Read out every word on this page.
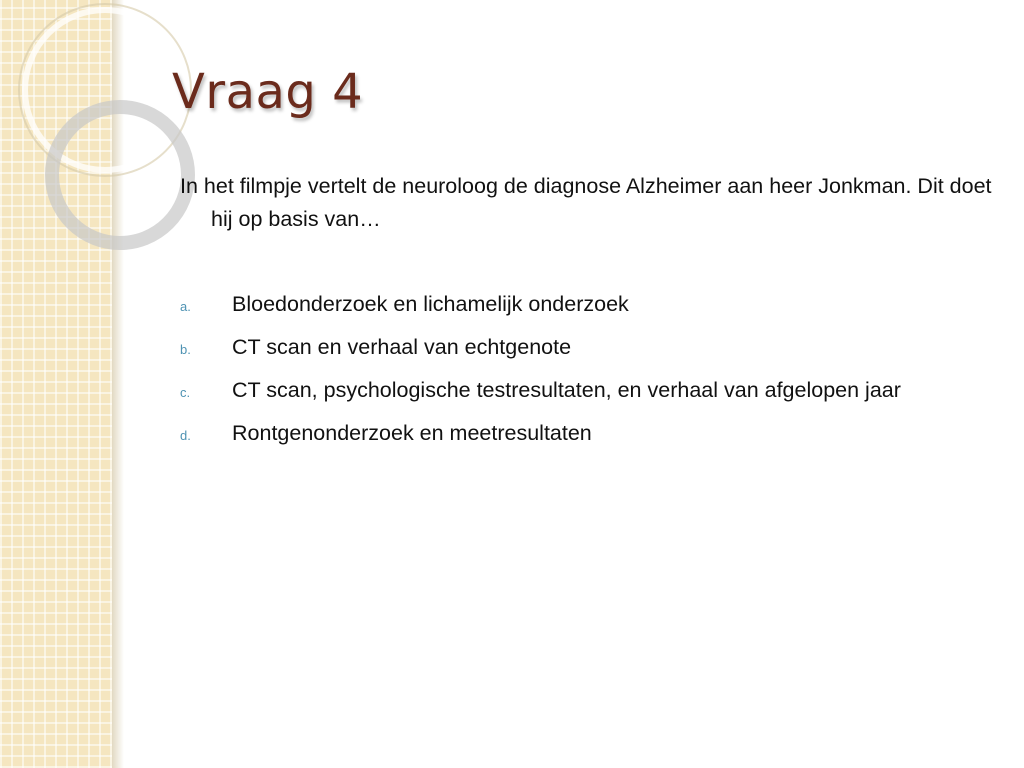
Vraag 4

In het filmpje vertelt de neuroloog de diagnose Alzheimer aan heer Jonkman. Dit doet hij op basis van…

a. Bloedonderzoek en lichamelijk onderzoek
b. CT scan en verhaal van echtgenote
c. CT scan, psychologische testresultaten, en verhaal van afgelopen jaar
d. Rontgenonderzoek en meetresultaten
